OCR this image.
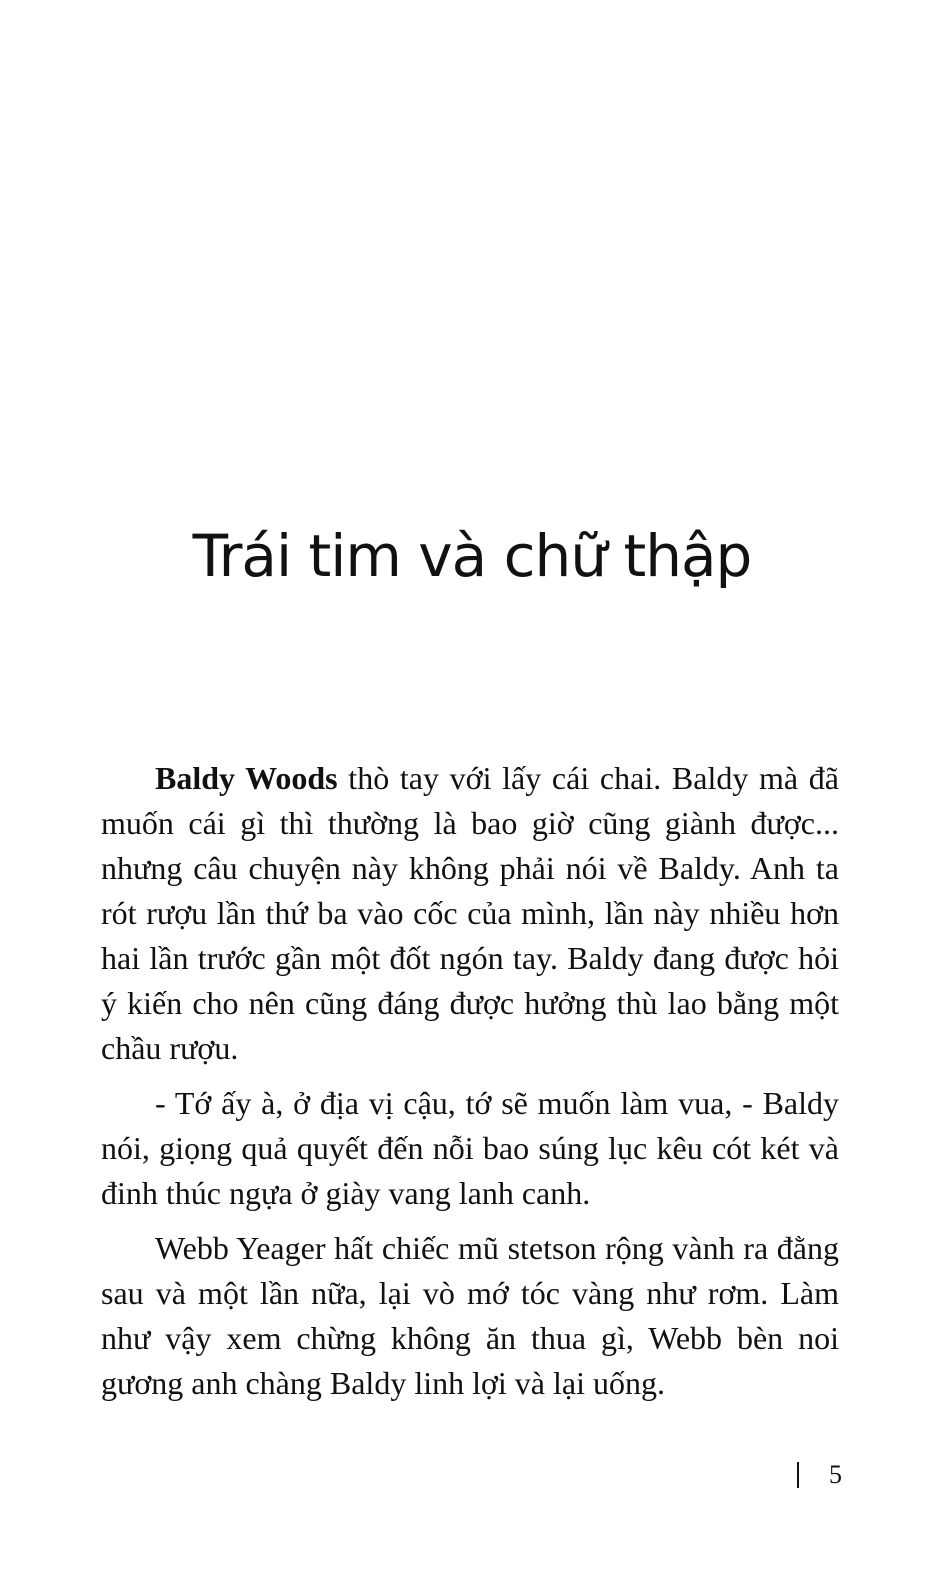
Trái tim và chữ thập

Baldy Woods thò tay với lấy cái chai. Baldy mà đã muốn cái gì thì thường là bao giờ cũng giành được... nhưng câu chuyện này không phải nói về Baldy. Anh ta rót rượu lần thứ ba vào cốc của mình, lần này nhiều hơn hai lần trước gần một đốt ngón tay. Baldy đang được hỏi ý kiến cho nên cũng đáng được hưởng thù lao bằng một chầu rượu.

- Tớ ấy à, ở địa vị cậu, tớ sẽ muốn làm vua, - Baldy nói, giọng quả quyết đến nỗi bao súng lục kêu cót két và đinh thúc ngựa ở giày vang lanh canh.

Webb Yeager hất chiếc mũ stetson rộng vành ra đằng sau và một lần nữa, lại vò mớ tóc vàng như rơm. Làm như vậy xem chừng không ăn thua gì, Webb bèn noi gương anh chàng Baldy linh lợi và lại uống.

5
